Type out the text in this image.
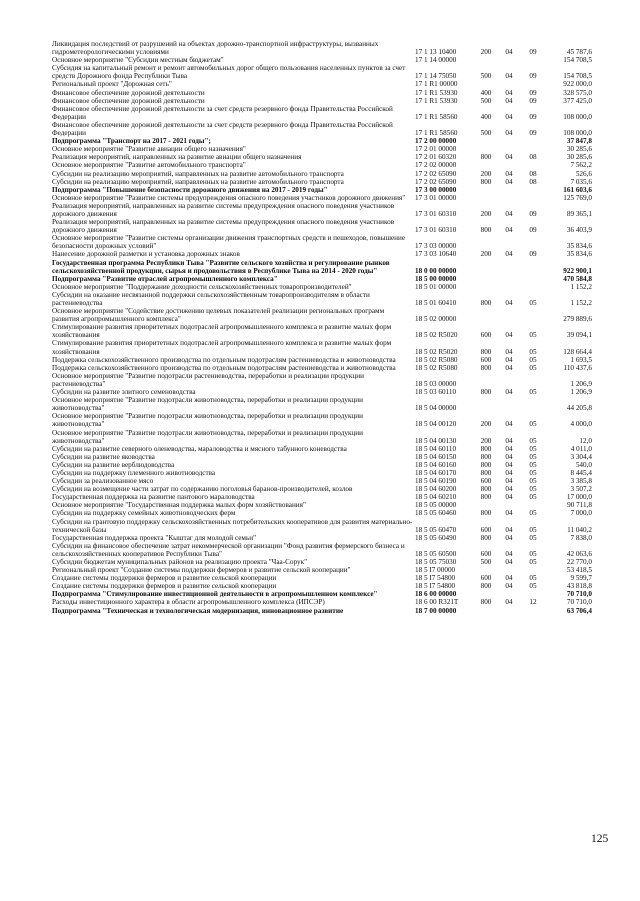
Ликвидация последствий от разрушений на объектах дорожно-транспортной инфраструктуры, вызванных гидрометеорологическими условиями	17 1 13 10400	200	04	09	45 787,6
Основное мероприятие "Субсидии местным бюджетам"	17 1 14 00000	154 708,5
Субсидия на капитальный ремонт и ремонт автомобильных дорог общего пользования населенных пунктов за счет средств Дорожного фонда Республики Тыва	17 1 14 75050	500	04	09	154 708,5
Региональный проект "Дорожная сеть"	17 1 R1 00000	922 000,0
Финансовое обеспечение дорожной деятельности	17 1 R1 53930	400	04	09	328 575,0
Финансовое обеспечение дорожной деятельности	17 1 R1 53930	500	04	09	377 425,0
Финансовое обеспечение дорожной деятельности за счет средств резервного фонда Правительства Российской Федерации	17 1 R1 58560	400	04	09	108 000,0
Финансовое обеспечение дорожной деятельности за счет средств резервного фонда Правительства Российской Федерации	17 1 R1 58560	500	04	09	108 000,0
Подпрограмма "Транспорт на 2017 - 2021 годы";	17 2 00 00000	37 847,8
Основное мероприятие "Развитие авиации общего назначения"	17 2 01 00000	30 285,6
Реализация мероприятий, направленных на развитие авиации общего назначения	17 2 01 60320	800	04	08	30 285,6
Основное мероприятие "Развитие автомобильного транспорта"	17 2 02 00000	7 562,2
Субсидии на реализацию мероприятий, направленных на развитие автомобильного транспорта	17 2 02 65090	200	04	08	526,6
Субсидии на реализацию мероприятий, направленных на развитие автомобильного транспорта	17 2 02 65090	800	04	08	7 035,6
Подпрограмма "Повышение безопасности дорожного движения на 2017 - 2019 годы"	17 3 00 00000	161 603,6
Основное мероприятие "Развитие системы предупреждения опасного поведения участников дорожного движения"	17 3 01 00000	125 769,0
Реализация мероприятий, направленных на развитие системы предупреждения опасного поведения участников дорожного движения	17 3 01 60310	200	04	09	89 365,1
Реализация мероприятий, направленных на развитие системы предупреждения опасного поведения участников дорожного движения	17 3 01 60310	800	04	09	36 403,9
Основное мероприятие "Развитие системы организации движения транспортных средств и пешеходов, повышение безопасности дорожных условий"	17 3 03 00000	35 834,6
Нанесение дорожной разметки и установка дорожных знаков	17 3 03 10640	200	04	09	35 834,6
Государственная программа Республики Тыва "Развитие сельского хозяйства и регулирование рынков сельскохозяйственной продукции, сырья и продовольствия в Республике Тыва на 2014 - 2020 годы"	18 0 00 00000	922 900,1
Подпрограмма "Развитие отраслей агропромышленного комплекса"	18 5 00 00000	470 584,8
Основное мероприятие "Поддержание доходности сельскохозяйственных товаропроизводителей"	18 5 01 00000	1 152,2
Субсидии на оказание несвязанной поддержки сельскохозяйственным товаропроизводителям в области растениеводства	18 5 01 60410	800	04	05	1 152,2
Основное мероприятие "Содействие достижению целевых показателей реализации региональных программ развития агропромышленного комплекса"	18 5 02 00000	279 889,6
Стимулирование развития приоритетных подотраслей агропромышленного комплекса и развитие малых форм хозяйствования	18 5 02 R5020	600	04	05	39 094,1
Стимулирование развития приоритетных подотраслей агропромышленного комплекса и развитие малых форм хозяйствования	18 5 02 R5020	800	04	05	128 664,4
Поддержка сельскохозяйственного производства по отдельным подотраслям растениеводства и животноводства	18 5 02 R5080	600	04	05	1 693,5
Поддержка сельскохозяйственного производства по отдельным подотраслям растениеводства и животноводства	18 5 02 R5080	800	04	05	110 437,6
Основное мероприятие "Развитие подотрасли растениеводства, переработки и реализации продукции растениеводства"	18 5 03 00000	1 206,9
Субсидии на развитие элитного семеноводства	18 5 03 60110	800	04	05	1 206,9
Основное мероприятие "Развитие подотрасли животноводства, переработки и реализации продукции животноводства"	18 5 04 00000	44 205,8
Основное мероприятие "Развитие подотрасли животноводства, переработки и реализации продукции животноводства"	18 5 04 00120	200	04	05	4 000,0
Основное мероприятие "Развитие подотрасли животноводства, переработки и реализации продукции животноводства"	18 5 04 00130	200	04	05	12,0
Субсидии на развитие северного оленеводства, мараловодства и мясного табунного коневодства	18 5 04 60110	800	04	05	4 011,0
Субсидии на развитие яководства	18 5 04 60150	800	04	05	3 304,4
Субсидии на развитие верблюдоводства	18 5 04 60160	800	04	05	540,0
Субсидии на поддержку племенного животноводства	18 5 04 60170	800	04	05	8 445,4
Субсидии за реализованное мясо	18 5 04 60190	600	04	05	3 385,8
Субсидии на возмещение части затрат по содержанию поголовья баранов-производителей, козлов	18 5 04 60200	800	04	05	3 507,2
Государственная поддержка на развитие пантового мараловодства	18 5 04 60210	800	04	05	17 000,0
Основное мероприятие "Государственная поддержка малых форм хозяйствования"	18 5 05 00000	90 711,8
Субсидии на поддержку семейных животноводческих ферм	18 5 05 60460	800	04	05	7 000,0
Субсидии на грантовую поддержку сельскохозяйственных потребительских кооперативов для развития материально-технической базы	18 5 05 60470	600	04	05	11 040,2
Государственная поддержка проекта "Кыштаг для молодой семьи"	18 5 05 60490	800	04	05	7 838,0
Субсидии на финансовое обеспечение затрат некоммерческой организации "Фонд развития фермерского бизнеса и сельскохозяйственных кооперативов Республики Тыва"	18 5 05 60500	600	04	05	42 063,6
Субсидии бюджетам муниципальных районов на реализацию проекта "Чаа-Сорук"	18 5 05 75030	500	04	05	22 770,0
Региональный проект "Создание системы поддержки фермеров и развитие сельской кооперации"	18 5 I7 00000	53 418,5
Создание системы поддержки фермеров и развитие сельской кооперации	18 5 I7 54800	600	04	05	9 599,7
Создание системы поддержки фермеров и развитие сельской кооперации	18 5 I7 54800	800	04	05	43 818,8
Подпрограмма "Стимулирование инвестиционной деятельности в агропромышленном комплексе"	18 6 00 00000	70 710,0
Расходы инвестиционного характера в области агропромышленного комплекса (ИПСЭР)	18 6 00 R321Т	800	04	12	70 710,0
Подпрограмма "Техническая и технологическая модернизация, инновационное развитие	18 7 00 00000	63 706,4
125
